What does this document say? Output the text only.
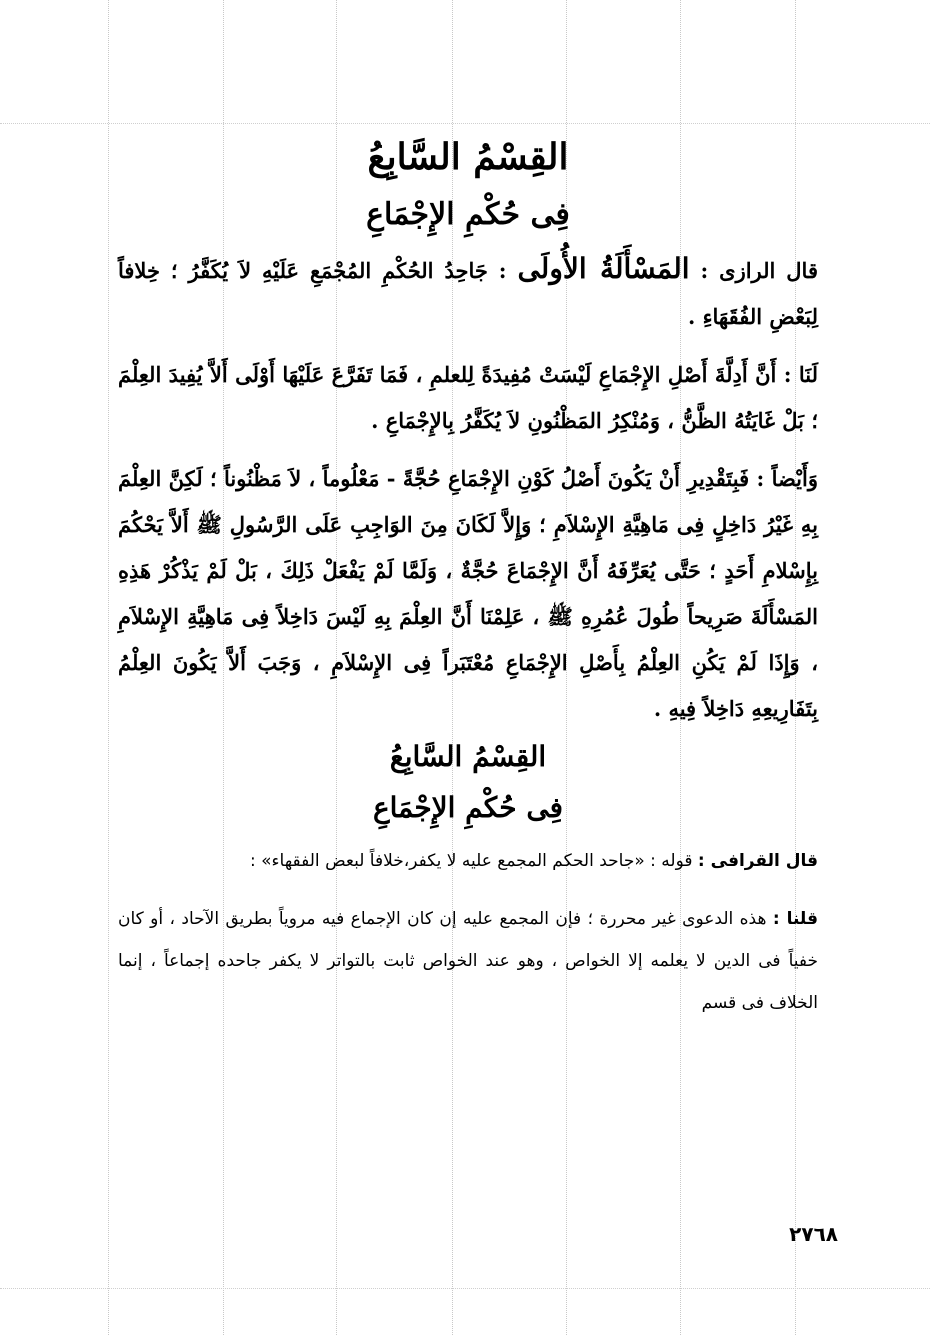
القِسْمُ السَّابِعُ
فِى حُكْمِ الإِجْمَاعِ

قال الرازى : المَسْأَلَةُ الأُولَى : جَاحِدُ الحُكْمِ المُجْمَعِ عَلَيْهِ لاَ يُكَفَّرُ ؛ خِلافاً لِبَعْضِ الفُقَهَاءِ .

لَنَا : أَنَّ أَدِلَّةَ أَصْلِ الإِجْمَاعِ لَيْسَتْ مُفِيدَةً لِلعلمِ ، فَمَا تَفَرَّعَ عَلَيْهَا أَوْلَى أَلاَّ يُفِيدَ العِلْمَ ؛ بَلْ غَايَتُهُ الظَّنُّ ، وَمُنْكِرُ المَظْنُونِ لاَ يُكَفَّرُ بِالإِجْمَاعِ .

وَأَيْضاً : فَبِتَقْدِيرِ أَنْ يَكُونَ أَصْلُ كَوْنِ الإِجْمَاعِ حُجَّةً - مَعْلُوماً ، لاَ مَظْنُوناً ؛ لَكِنَّ العِلْمَ بِهِ غَيْرُ دَاخِلٍ فِى مَاهِيَّةِ الإِسْلاَمِ ؛ وَإِلاَّ لَكَانَ مِنَ الوَاجِبِ عَلَى الرَّسُولِ ﷺ أَلاَّ يَحْكُمَ بِإِسْلامِ أَحَدٍ ؛ حَتَّى يُعَرِّفَهُ أَنَّ الإِجْمَاعَ حُجَّةٌ ، وَلَمَّا لَمْ يَفْعَلْ ذَلِكَ ، بَلْ لَمْ يَذْكُرْ هَذِهِ المَسْأَلَةَ صَرِيحاً طُولَ عُمُرِهِ ﷺ ، عَلِمْنَا أَنَّ العِلْمَ بِهِ لَيْسَ دَاخِلاً فِى مَاهِيَّةِ الإِسْلاَمِ ، وَإِذَا لَمْ يَكُنِ العِلْمُ بِأَصْلِ الإِجْمَاعِ مُعْتَبَراً فِى الإِسْلاَمِ ، وَجَبَ أَلاَّ يَكُونَ العِلْمُ بِتَفَارِيعِهِ دَاخِلاً فِيهِ .

القِسْمُ السَّابِعُ
فِى حُكْمِ الإِجْمَاعِ

قال القرافى : قوله : «جاحد الحكم المجمع عليه لا يكفر،خلافاً لبعض الفقهاء» :

قلنا : هذه الدعوى غير محررة ؛ فإن المجمع عليه إن كان الإجماع فيه مروياً بطريق الآحاد ، أو كان خفياً فى الدين لا يعلمه إلا الخواص ، وهو عند الخواص ثابت بالتواتر لا يكفر جاحده إجماعاً ، إنما الخلاف فى قسم

٢٧٦٨
